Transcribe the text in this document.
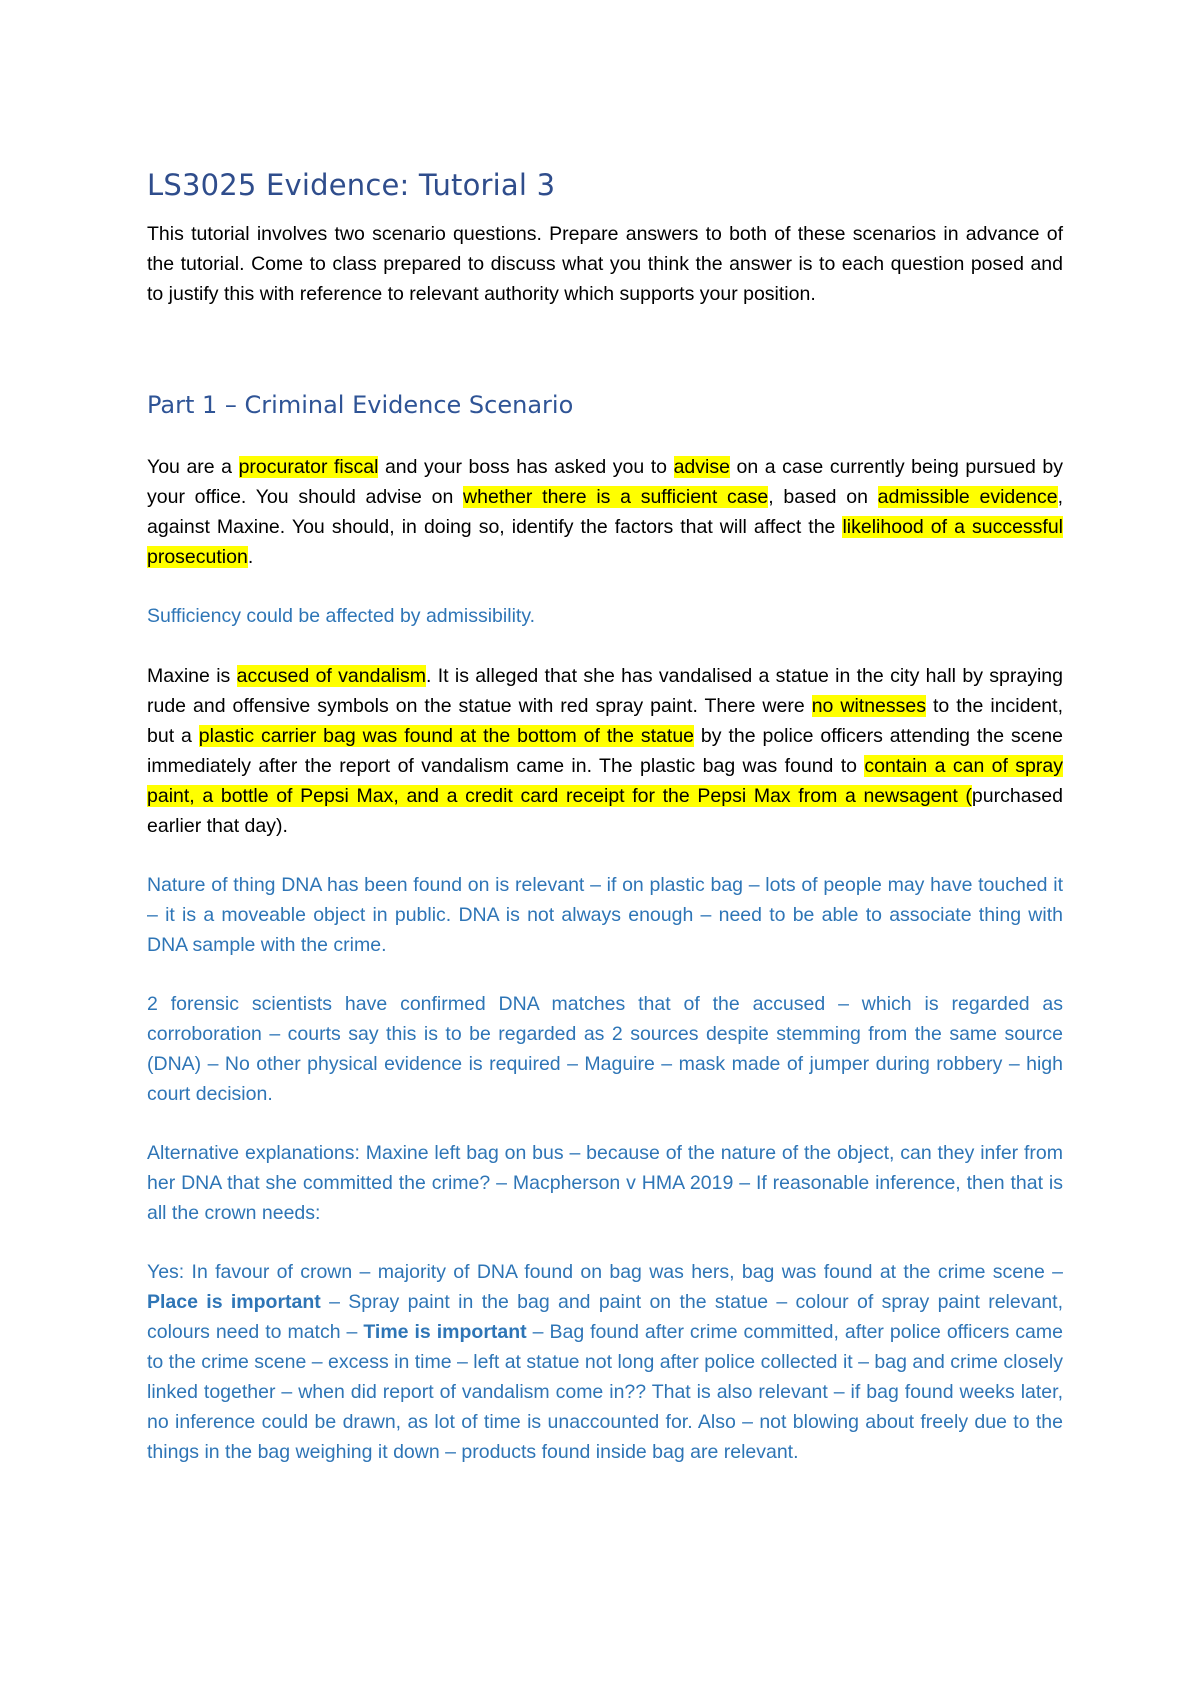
LS3025 Evidence: Tutorial 3

This tutorial involves two scenario questions. Prepare answers to both of these scenarios in advance of the tutorial. Come to class prepared to discuss what you think the answer is to each question posed and to justify this with reference to relevant authority which supports your position.

Part 1 – Criminal Evidence Scenario

You are a procurator fiscal and your boss has asked you to advise on a case currently being pursued by your office. You should advise on whether there is a sufficient case, based on admissible evidence, against Maxine. You should, in doing so, identify the factors that will affect the likelihood of a successful prosecution.

Sufficiency could be affected by admissibility.

Maxine is accused of vandalism. It is alleged that she has vandalised a statue in the city hall by spraying rude and offensive symbols on the statue with red spray paint. There were no witnesses to the incident, but a plastic carrier bag was found at the bottom of the statue by the police officers attending the scene immediately after the report of vandalism came in. The plastic bag was found to contain a can of spray paint, a bottle of Pepsi Max, and a credit card receipt for the Pepsi Max from a newsagent (purchased earlier that day).

Nature of thing DNA has been found on is relevant – if on plastic bag – lots of people may have touched it – it is a moveable object in public. DNA is not always enough – need to be able to associate thing with DNA sample with the crime.

2 forensic scientists have confirmed DNA matches that of the accused – which is regarded as corroboration – courts say this is to be regarded as 2 sources despite stemming from the same source (DNA) – No other physical evidence is required – Maguire – mask made of jumper during robbery – high court decision.

Alternative explanations: Maxine left bag on bus – because of the nature of the object, can they infer from her DNA that she committed the crime? – Macpherson v HMA 2019 – If reasonable inference, then that is all the crown needs:

Yes: In favour of crown – majority of DNA found on bag was hers, bag was found at the crime scene – Place is important – Spray paint in the bag and paint on the statue – colour of spray paint relevant, colours need to match – Time is important – Bag found after crime committed, after police officers came to the crime scene – excess in time – left at statue not long after police collected it – bag and crime closely linked together – when did report of vandalism come in?? That is also relevant – if bag found weeks later, no inference could be drawn, as lot of time is unaccounted for. Also – not blowing about freely due to the things in the bag weighing it down – products found inside bag are relevant.
